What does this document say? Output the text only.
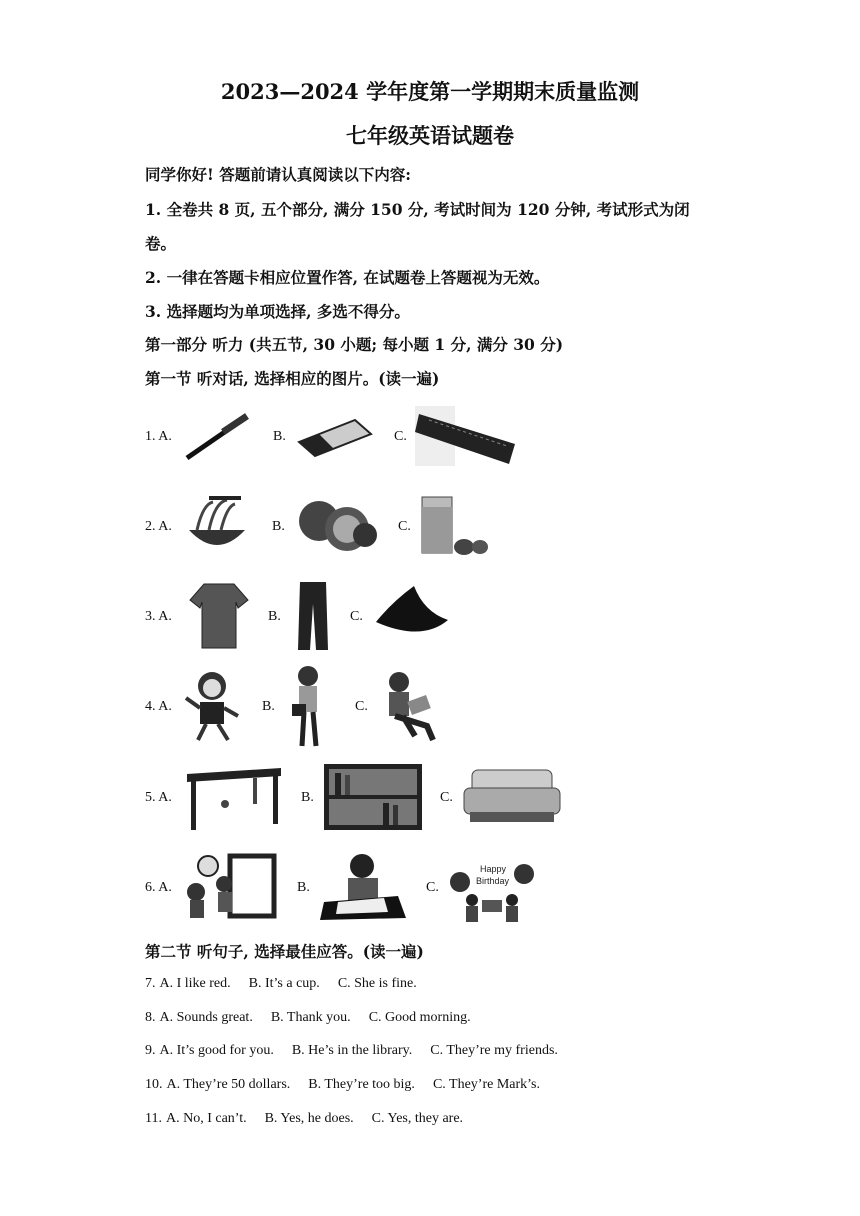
2023—2024 学年度第一学期期末质量监测
七年级英语试题卷
同学你好! 答题前请认真阅读以下内容:
1. 全卷共 8 页, 五个部分, 满分 150 分, 考试时间为 120 分钟, 考试形式为闭
卷。
2. 一律在答题卡相应位置作答, 在试题卷上答题视为无效。
3. 选择题均为单项选择, 多选不得分。
第一部分 听力 (共五节, 30 小题; 每小题 1 分, 满分 30 分)
第一节 听对话, 选择相应的图片。(读一遍)
1. A.	B.	C.
2. A.	B.	C.
3. A.	B.	C.
4. A.	B.	C.
5. A.	B.	C.
6. A.	B.	C.
Happy
Birthday
第二节 听句子, 选择最佳应答。(读一遍)
7. A. I like red. B. It’s a cup. C. She is fine.
8. A. Sounds great. B. Thank you. C. Good morning.
9. A. It’s good for you. B. He’s in the library. C. They’re my friends.
10. A. They’re 50 dollars. B. They’re too big. C. They’re Mark’s.
11. A. No, I can’t. B. Yes, he does. C. Yes, they are.
